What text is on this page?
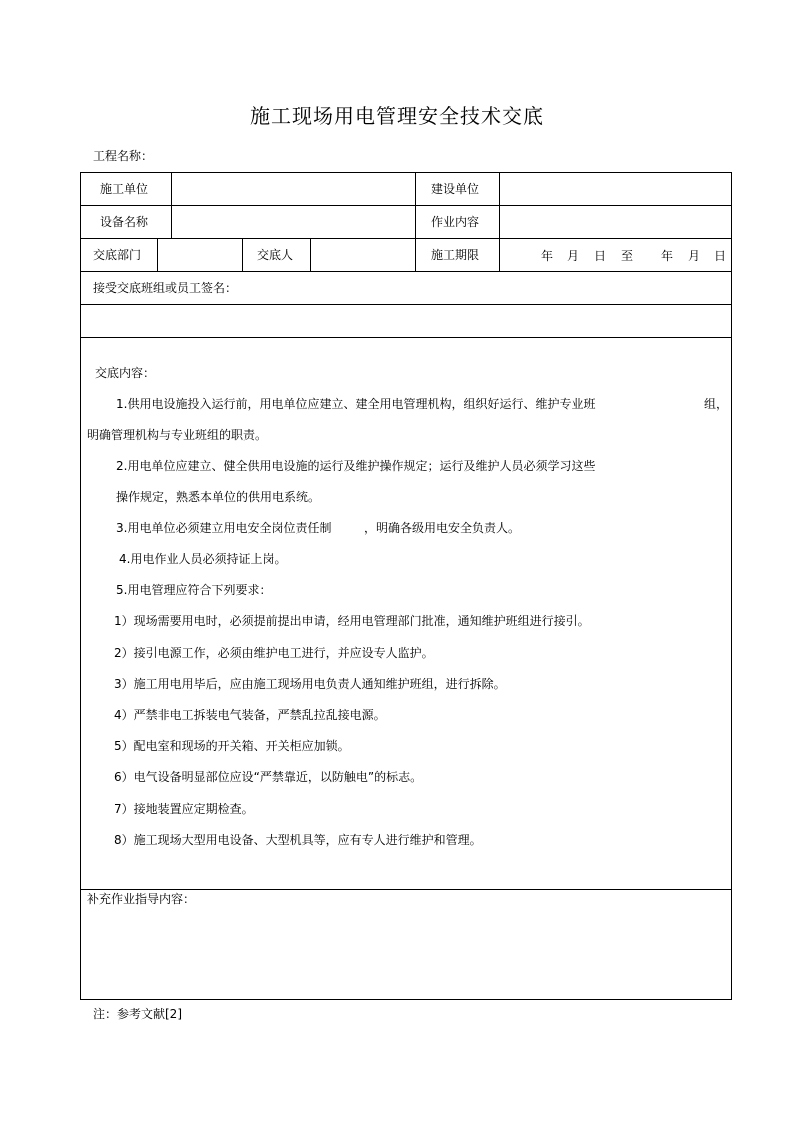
施工现场用电管理安全技术交底
工程名称：
施工单位	建设单位
设备名称	作业内容
交底部门	交底人	施工期限	年 月 日 至 年 月 日
接受交底班组或员工签名：
交底内容：
1.供用电设施投入运行前，用电单位应建立、建全用电管理机构，组织好运行、维护专业班	组，
明确管理机构与专业班组的职责。
2.用电单位应建立、健全供用电设施的运行及维护操作规定；运行及维护人员必须学习这些
操作规定，熟悉本单位的供用电系统。
3.用电单位必须建立用电安全岗位责任制	，明确各级用电安全负责人。
4.用电作业人员必须持证上岗。
5.用电管理应符合下列要求：
1）现场需要用电时，必须提前提出申请，经用电管理部门批准，通知维护班组进行接引。
2）接引电源工作，必须由维护电工进行，并应设专人监护。
3）施工用电用毕后，应由施工现场用电负责人通知维护班组，进行拆除。
4）严禁非电工拆装电气装备，严禁乱拉乱接电源。
5）配电室和现场的开关箱、开关柜应加锁。
6）电气设备明显部位应设“严禁靠近，以防触电”的标志。
7）接地装置应定期检查。
8）施工现场大型用电设备、大型机具等，应有专人进行维护和管理。
补充作业指导内容：
注：参考文献[2]
